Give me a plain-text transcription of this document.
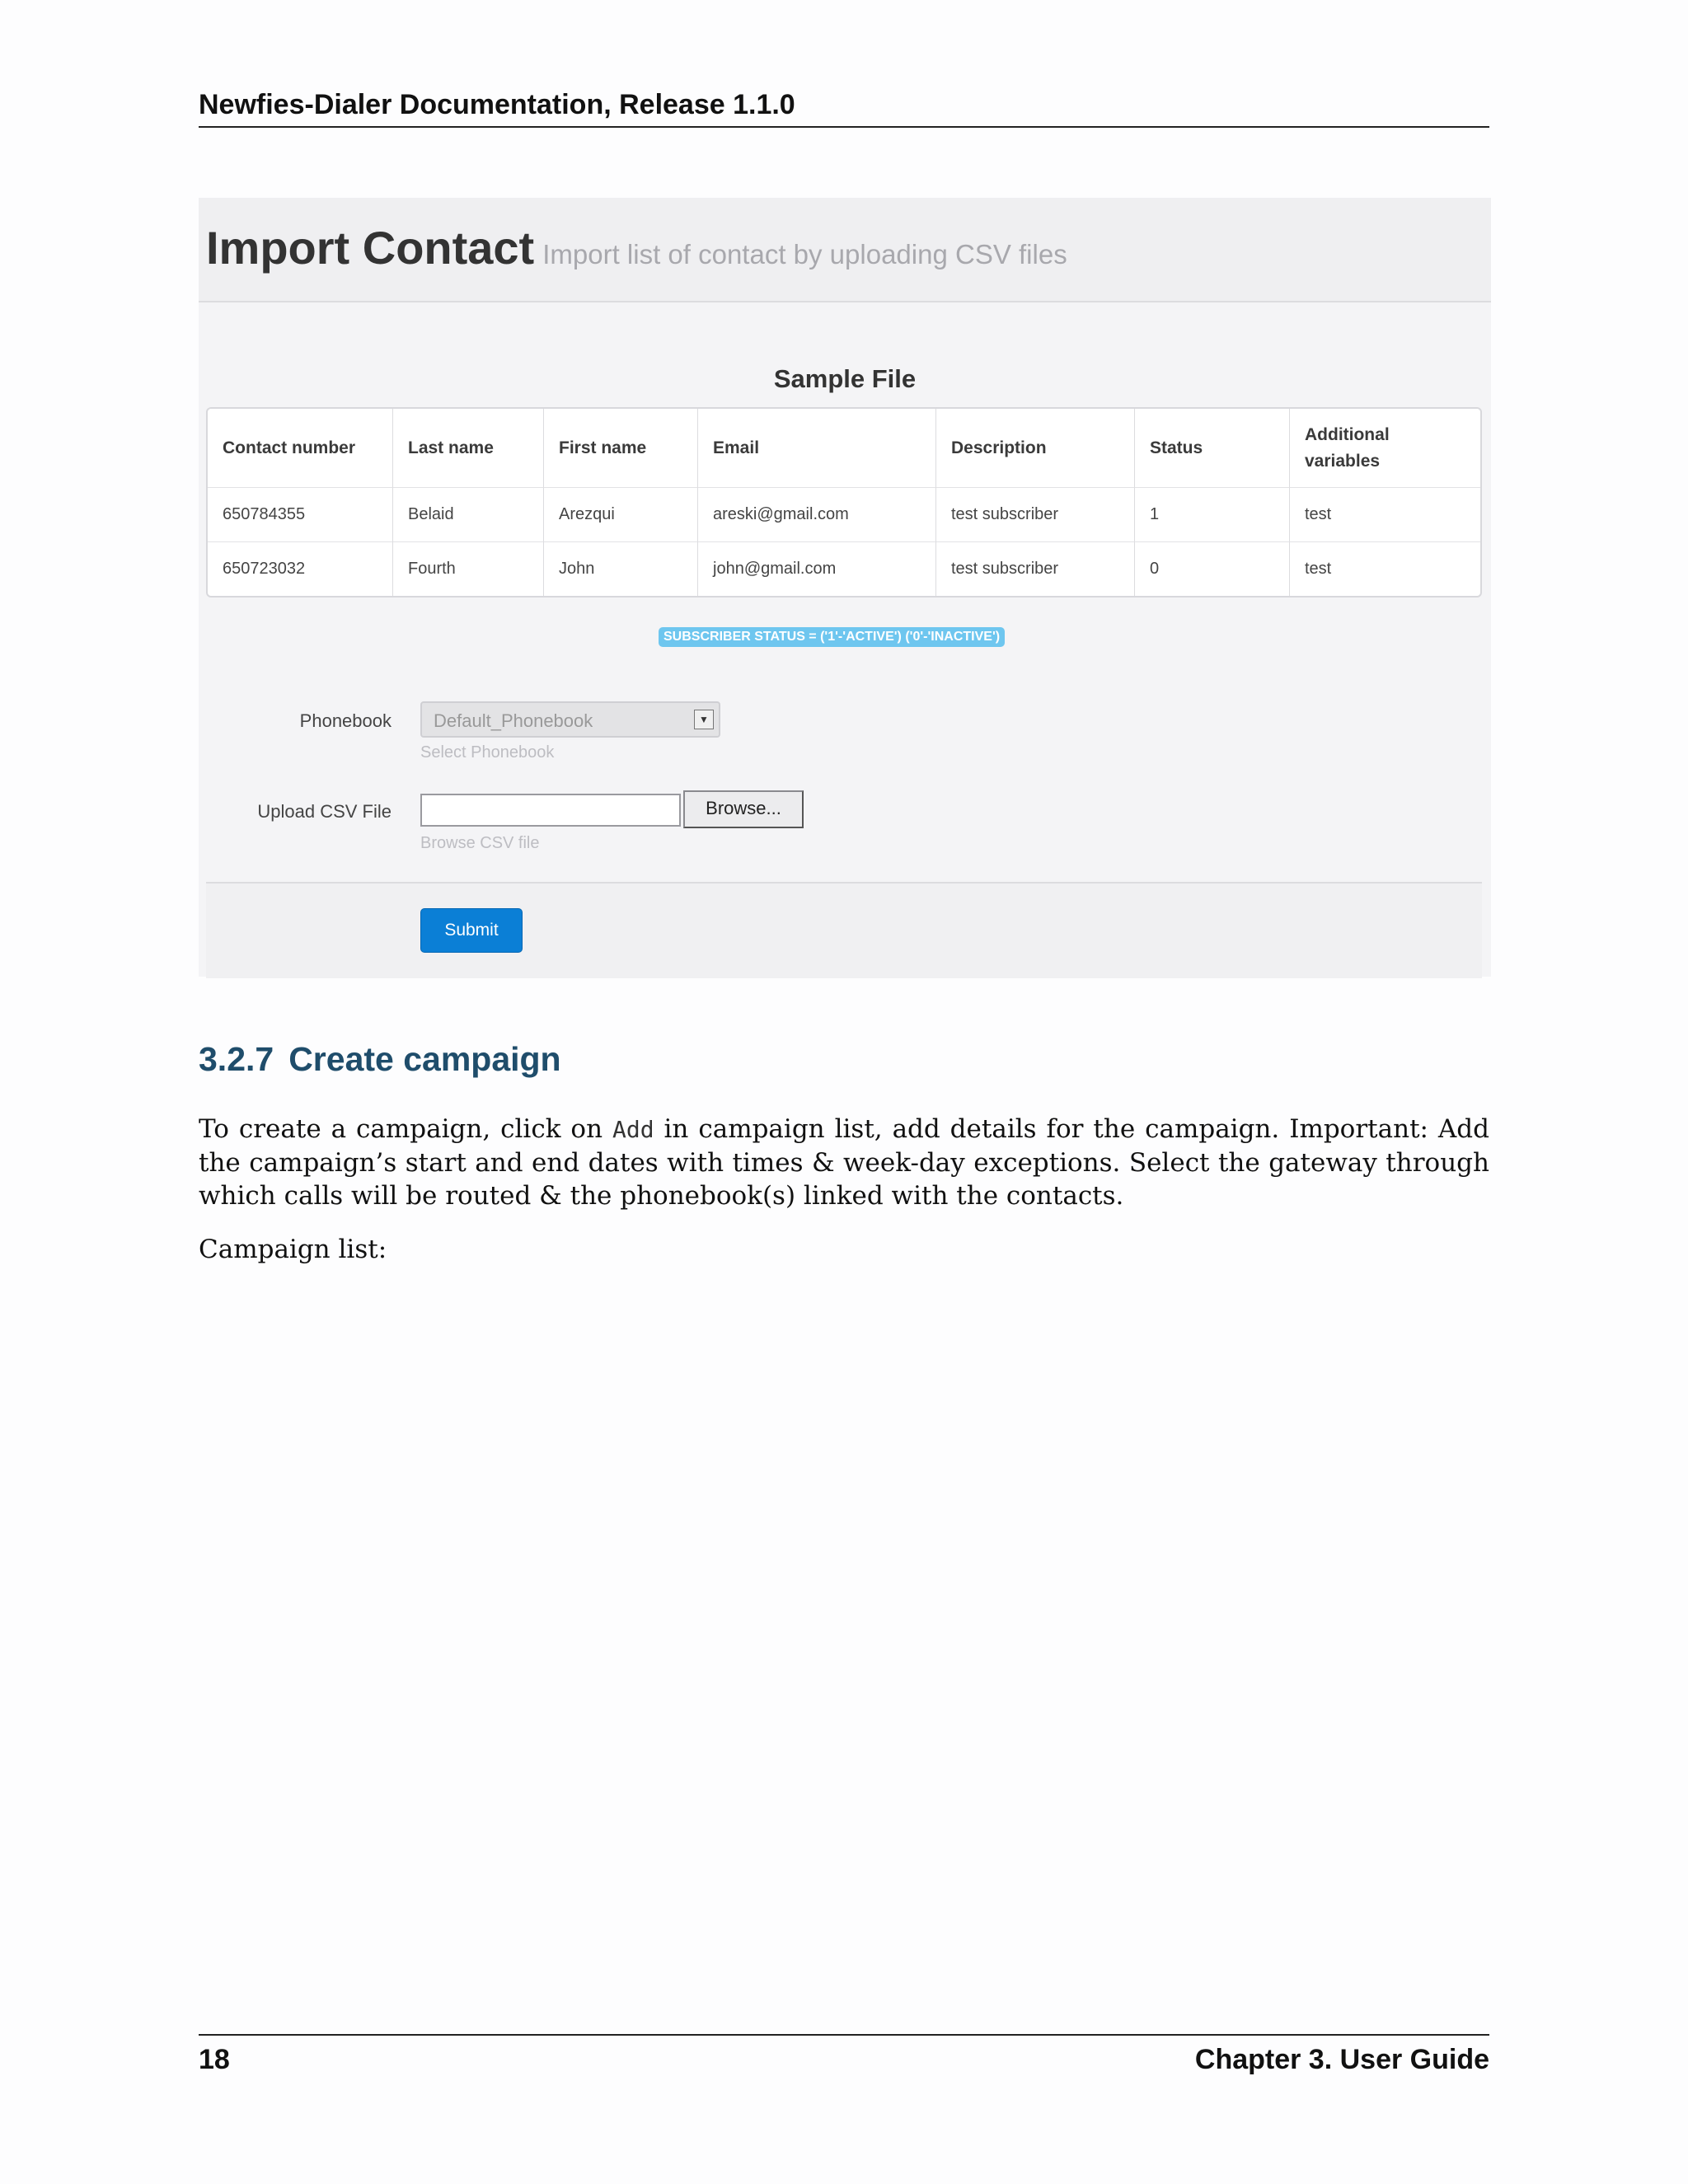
Newfies-Dialer Documentation, Release 1.1.0
Import Contact Import list of contact by uploading CSV files
Sample File
Contact number	Last name	First name	Email	Description	Status	Additional variables
650784355	Belaid	Arezqui	areski@gmail.com	test subscriber	1	test
650723032	Fourth	John	john@gmail.com	test subscriber	0	test
SUBSCRIBER STATUS = ('1'-'ACTIVE') ('0'-'INACTIVE')
Phonebook Default_Phonebook	▼
Select Phonebook
Upload CSV File	Browse...
Browse CSV file
Submit
3.2.7 Create campaign
To create a campaign, click on Add in campaign list, add details for the campaign. Important: Add the campaign’s start and end dates with times & week-day exceptions. Select the gateway through which calls will be routed & the phonebook(s) linked with the contacts.
Campaign list:
18	Chapter 3. User Guide
